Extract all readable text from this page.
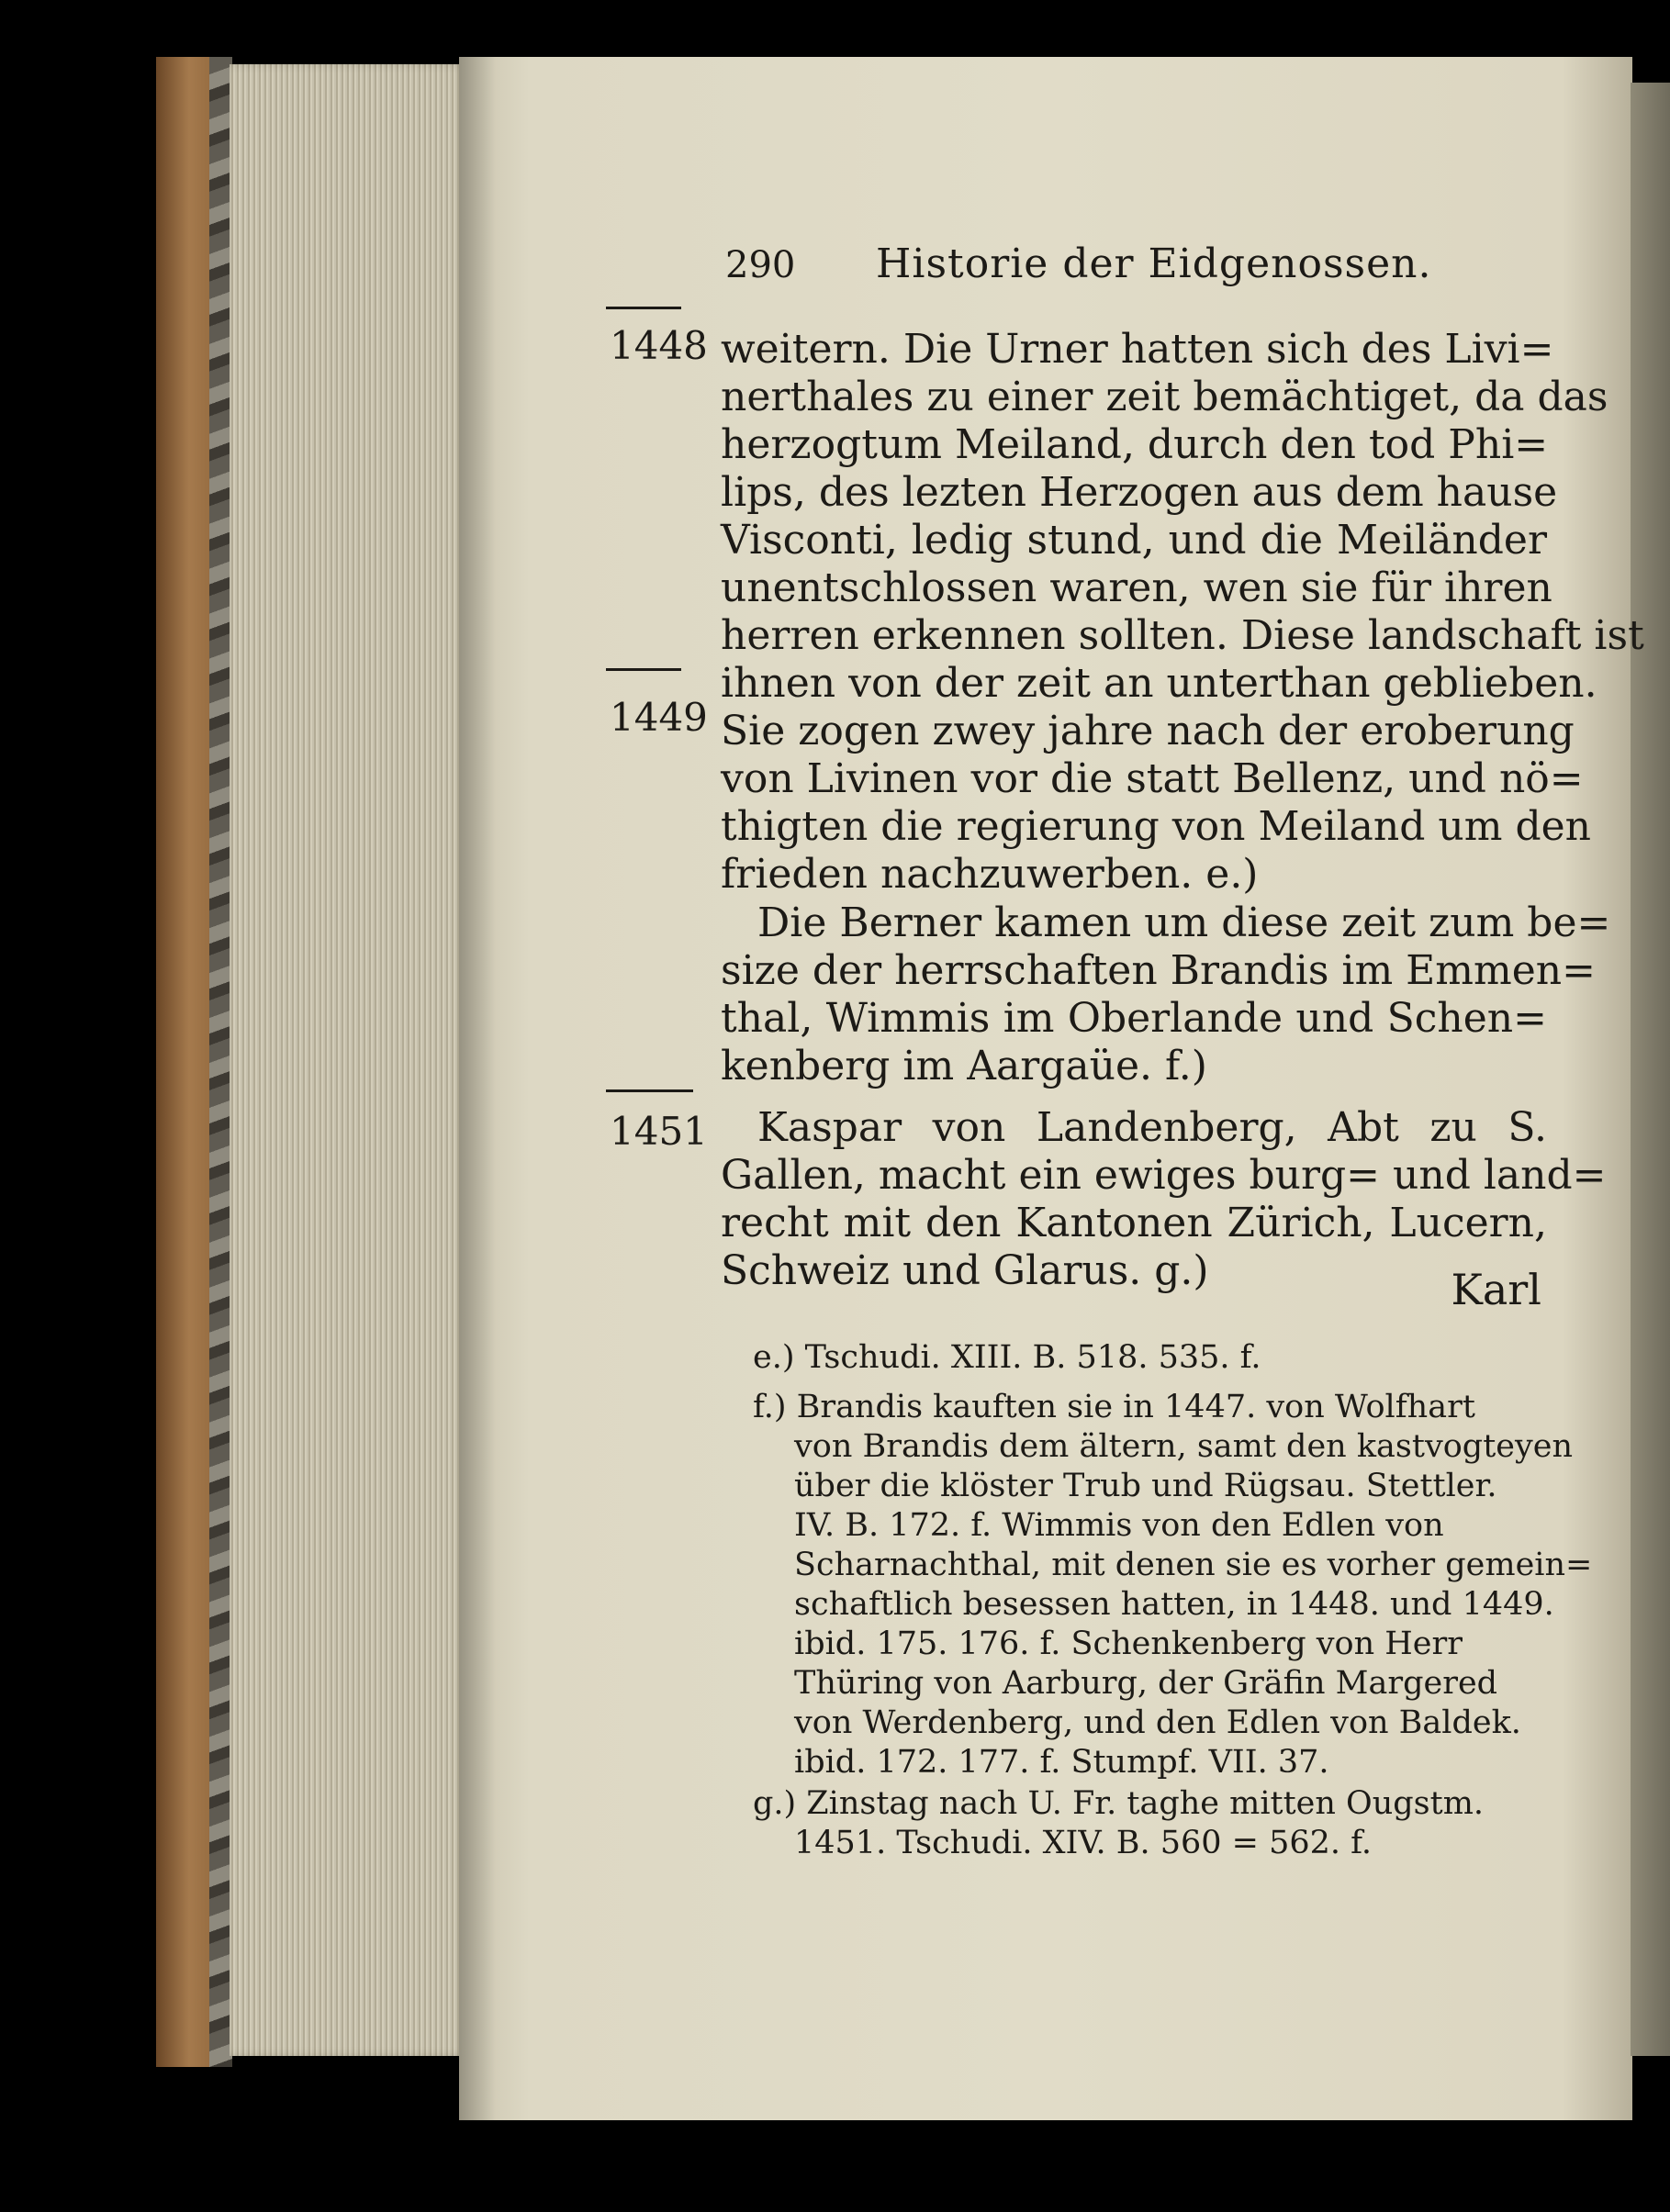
290 Historie der Eidgenossen.
1448
1449
1451
weitern. Die Urner hatten sich des Livi=
nerthales zu einer zeit bemächtiget, da das
herzogtum Meiland, durch den tod Phi=
lips, des lezten Herzogen aus dem hause
Visconti, ledig stund, und die Meiländer
unentschlossen waren, wen sie für ihren
herren erkennen sollten. Diese landschaft ist
ihnen von der zeit an unterthan geblieben.
Sie zogen zwey jahre nach der eroberung
von Livinen vor die statt Bellenz, und nö=
thigten die regierung von Meiland um den
frieden nachzuwerben. e.)
Die Berner kamen um diese zeit zum be=
size der herrschaften Brandis im Emmen=
thal, Wimmis im Oberlande und Schen=
kenberg im Aargaüe. f.)
Kaspar von Landenberg, Abt zu S.
Gallen, macht ein ewiges burg= und land=
recht mit den Kantonen Zürich, Lucern,
Schweiz und Glarus. g.)	Karl
e.) Tschudi. XIII. B. 518. 535. f.
f.) Brandis kauften sie in 1447. von Wolfhart
von Brandis dem ältern, samt den kastvogteyen
über die klöster Trub und Rügsau. Stettler.
IV. B. 172. f. Wimmis von den Edlen von
Scharnachthal, mit denen sie es vorher gemein=
schaftlich besessen hatten, in 1448. und 1449.
ibid. 175. 176. f. Schenkenberg von Herr
Thüring von Aarburg, der Gräfin Margered
von Werdenberg, und den Edlen von Baldek.
ibid. 172. 177. f. Stumpf. VII. 37.
g.) Zinstag nach U. Fr. taghe mitten Ougstm.
1451. Tschudi. XIV. B. 560 = 562. f.
